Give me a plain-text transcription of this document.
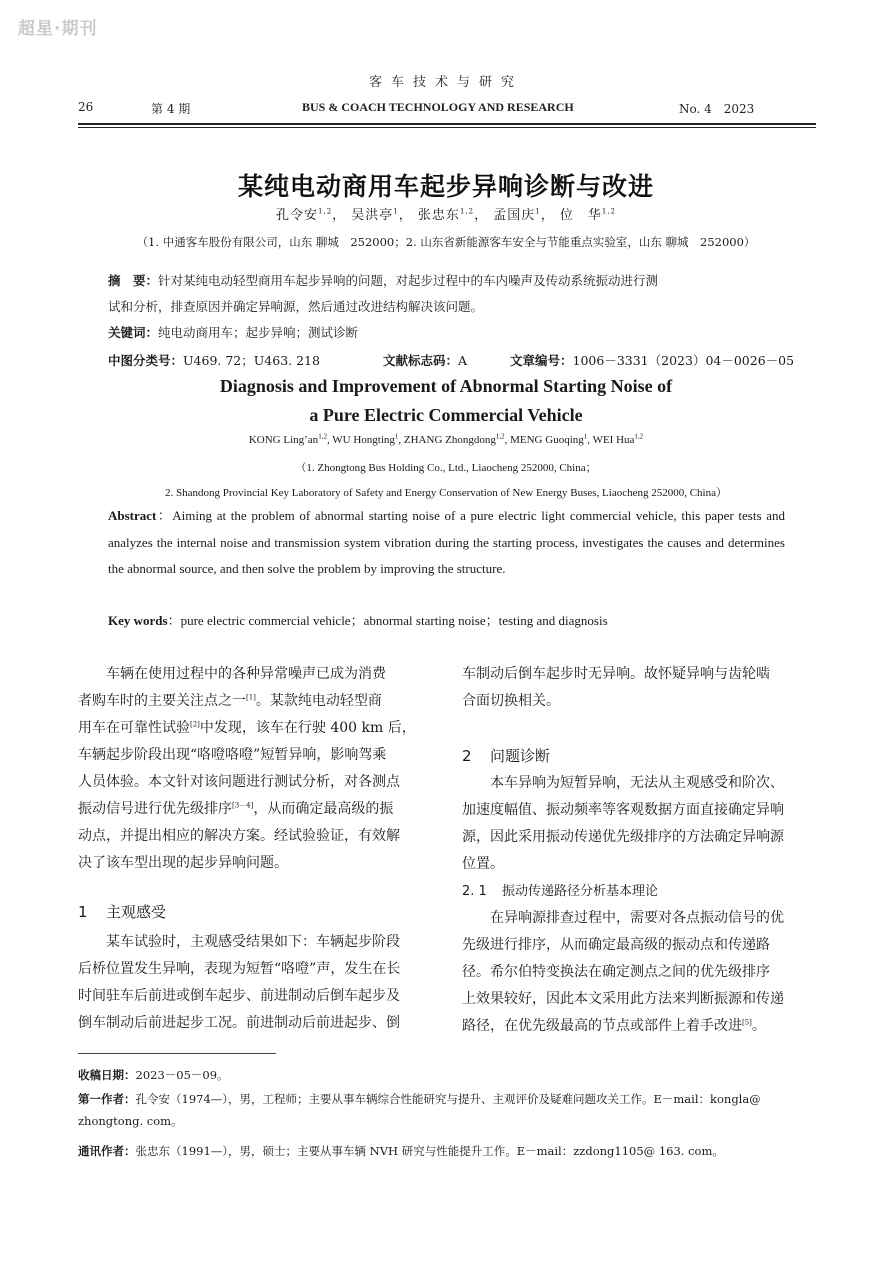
超星·期刊
客车技术与研究
26	第 4 期	BUS & COACH TECHNOLOGY AND RESEARCH	No. 4　2023
某纯电动商用车起步异响诊断与改进
孔令安$^{1,2}$， 吴洪亭$^1$， 张忠东$^{1,2}$， 孟国庆$^1$， 位　华$^{1,2}$
（1. 中通客车股份有限公司，山东 聊城　252000；2. 山东省新能源客车安全与节能重点实验室，山东 聊城　252000）
摘　要：针对某纯电动轻型商用车起步异响的问题，对起步过程中的车内噪声及传动系统振动进行测
试和分析，排查原因并确定异响源，然后通过改进结构解决该问题。
关键词：纯电动商用车；起步异响；测试诊断
中图分类号：U469. 72；U463. 218	文献标志码：A	文章编号：1006－3331（2023）04－0026－05
Diagnosis and Improvement of Abnormal Starting Noise of
a Pure Electric Commercial Vehicle
KONG Ling’an$^{1,2}$, WU Hongting$^1$, ZHANG Zhongdong$^{1,2}$, MENG Guoqing$^1$, WEI Hua$^{1,2}$
（1. Zhongtong Bus Holding Co., Ltd., Liaocheng 252000, China；
2. Shandong Provincial Key Laboratory of Safety and Energy Conservation of New Energy Buses, Liaocheng 252000, China）
Abstract：Aiming at the problem of abnormal starting noise of a pure electric light commercial vehicle, this paper tests and analyzes the internal noise and transmission system vibration during the starting process, investigates the causes and determines the abnormal source, and then solve the problem by improving the structure.
Key words：pure electric commercial vehicle；abnormal starting noise；testing and diagnosis
车辆在使用过程中的各种异常噪声已成为消费
者购车时的主要关注点之一[1]。某款纯电动轻型商
用车在可靠性试验[2]中发现，该车在行驶 400 km 后，
车辆起步阶段出现“咯噔咯噔”短暂异响，影响驾乘
人员体验。本文针对该问题进行测试分析，对各测点
振动信号进行优先级排序[3－4]，从而确定最高级的振
动点，并提出相应的解决方案。经试验验证，有效解
决了该车型出现的起步异响问题。
1 主观感受
某车试验时，主观感受结果如下：车辆起步阶段
后桥位置发生异响，表现为短暂“咯噔”声，发生在长
时间驻车后前进或倒车起步、前进制动后倒车起步及
倒车制动后前进起步工况。前进制动后前进起步、倒
车制动后倒车起步时无异响。故怀疑异响与齿轮啮
合面切换相关。
2 问题诊断
本车异响为短暂异响，无法从主观感受和阶次、
加速度幅值、振动频率等客观数据方面直接确定异响
源，因此采用振动传递优先级排序的方法确定异响源
位置。
2. 1 振动传递路径分析基本理论
在异响源排查过程中，需要对各点振动信号的优
先级进行排序，从而确定最高级的振动点和传递路
径。希尔伯特变换法在确定测点之间的优先级排序
上效果较好，因此本文采用此方法来判断振源和传递
路径，在优先级最高的节点或部件上着手改进[5]。
收稿日期：2023－05－09。
第一作者：孔令安（1974—），男，工程师；主要从事车辆综合性能研究与提升、主观评价及疑难问题攻关工作。E－mail：kongla@
zhongtong. com。
通讯作者：张忠东（1991—），男，硕士；主要从事车辆 NVH 研究与性能提升工作。E－mail：zzdong1105@ 163. com。
